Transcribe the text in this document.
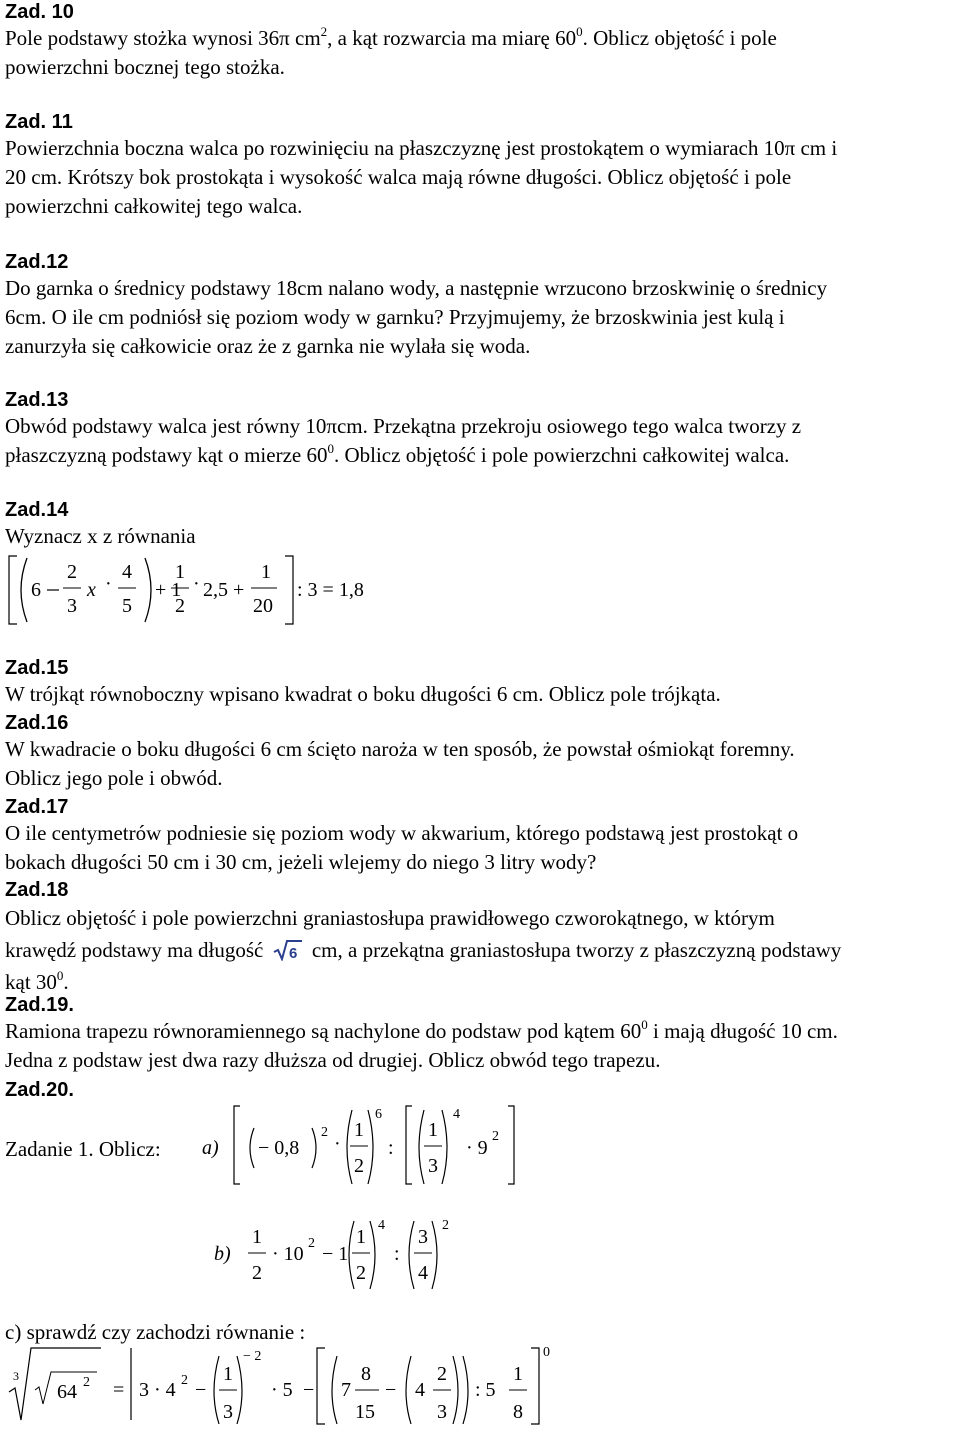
Zad. 10
Pole podstawy stożka wynosi 36π $cm^2$, a kąt rozwarcia ma miarę $60^0$. Oblicz objętość i pole
powierzchni bocznej tego stożka.
Zad. 11
Powierzchnia boczna walca po rozwinięciu na płaszczyznę jest prostokątem o wymiarach 10π cm i
20 cm. Krótszy bok prostokąta i wysokość walca mają równe długości. Oblicz objętość i pole
powierzchni całkowitej tego walca.
Zad.12
Do garnka o średnicy podstawy 18cm nalano wody, a następnie wrzucono brzoskwinię o średnicy
6cm. O ile cm podniósł się poziom wody w garnku? Przyjmujemy, że brzoskwinia jest kulą i
zanurzyła się całkowicie oraz że z garnka nie wylała się woda.
Zad.13
Obwód podstawy walca jest równy 10πcm. Przekątna przekroju osiowego tego walca tworzy z
płaszczyzną podstawy kąt o mierze $60^0$. Oblicz objętość i pole powierzchni całkowitej walca.
Zad.14
Wyznacz x z równania
6
2
3
x ·
4
5
+ 1
1
2
· 2,5 +
1
20
: 3 = 1,8
Zad.15
W trójkąt równoboczny wpisano kwadrat o boku długości 6 cm. Oblicz pole trójkąta.
Zad.16
W kwadracie o boku długości 6 cm ścięto naroża w ten sposób, że powstał ośmiokąt foremny.
Oblicz jego pole i obwód.
Zad.17
O ile centymetrów podniesie się poziom wody w akwarium, którego podstawą jest prostokąt o
bokach długości 50 cm i 30 cm, jeżeli wlejemy do niego 3 litry wody?
Zad.18
Oblicz objętość i pole powierzchni graniastosłupa prawidłowego czworokątnego, w którym
krawędź podstawy ma długość 6 cm, a przekątna graniastosłupa tworzy z płaszczyzną podstawy
kąt $30^0$.
Zad.19.
Ramiona trapezu równoramiennego są nachylone do podstaw pod kątem $60^0$ i mają długość 10 cm.
Jedna z podstaw jest dwa razy dłuższa od drugiej. Oblicz obwód tego trapezu.
Zad.20.
Zadanie 1. Oblicz:	a) − 0,8
2
·
1
2
6
:
1
3
4
· 9
2
b)
1
2
· 10 2 − 1
1
2
4
:
3
4
2
c) sprawdź czy zachodzi równanie :
3
64 2 = 3 · 4 2 −
1
3
− 2
· 5 − 7
8
15
− 4
2
3
: 5
1
8
0
